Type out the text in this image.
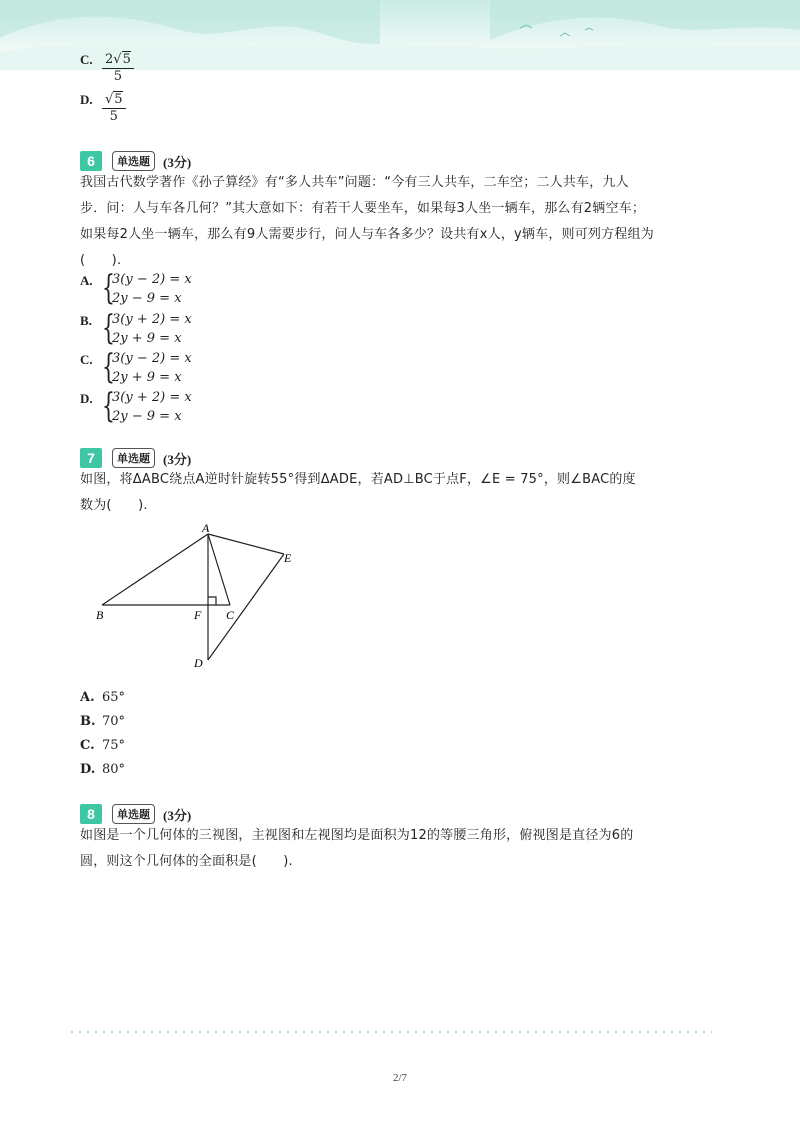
C. $\frac{2√5}{5}$
D. $\frac{√5}{5}$
6	单选题	(3分)
我国古代数学著作《孙子算经》有“多人共车”问题：“今有三人共车，二车空；二人共车，九人
步．问：人与车各几何？”其大意如下：有若干人要坐车，如果每3人坐一辆车，那么有2辆空车；
如果每2人坐一辆车，那么有9人需要步行，问人与车各多少？设共有x人，y辆车，则可列方程组为
(　　).
A. {
3(y − 2) = x
2y − 9 = x
B. {
3(y + 2) = x
2y + 9 = x
C. {
3(y − 2) = x
2y + 9 = x
D. {
3(y + 2) = x
2y − 9 = x
7	单选题	(3分)
如图，将ΔABC绕点A逆时针旋转55°得到ΔADE，若AD⊥BC于点F，∠E = 75°，则∠BAC的度
数为(　　).
A
B	C
D
E
F
A. 65°
B. 70°
C. 75°
D. 80°
8	单选题	(3分)
如图是一个几何体的三视图，主视图和左视图均是面积为12的等腰三角形，俯视图是直径为6的
圆，则这个几何体的全面积是(　　).
2/7
